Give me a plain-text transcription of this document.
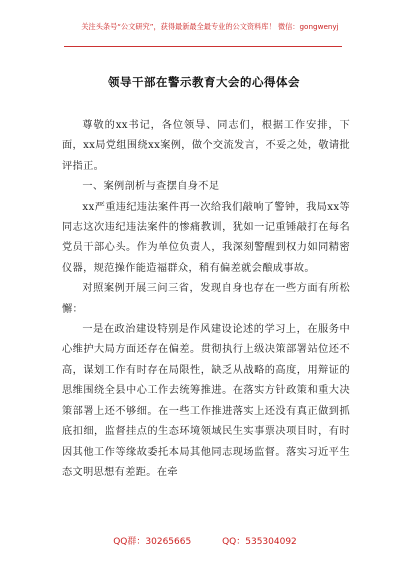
关注头条号“公文研究”，获得最新最全最专业的公文资料库！ 微信：gongwenyj
领导干部在警示教育大会的心得体会

尊敬的xx书记，各位领导、同志们，根据工作安排，下面，xx局党组围绕xx案例，做个交流发言，不妥之处，敬请批评指正。

一、案例剖析与查摆自身不足

xx严重违纪违法案件再一次给我们敲响了警钟，我局xx等同志这次违纪违法案件的惨痛教训，犹如一记重锤敲打在每名党员干部心头。作为单位负责人，我深刻警醒到权力如同精密仪器，规范操作能造福群众，稍有偏差就会酿成事故。

对照案例开展三问三省，发现自身也存在一些方面有所松懈：

一是在政治建设特别是作风建设论述的学习上，在服务中心维护大局方面还存在偏差。贯彻执行上级决策部署站位还不高，谋划工作有时存在局限性，缺乏从战略的高度，用辩证的思维围绕全县中心工作去统筹推进。在落实方针政策和重大决策部署上还不够细。在一些工作推进落实上还没有真正做到抓底扣细，监督挂点的生态环境领域民生实事票决项目时，有时因其他工作等缘故委托本局其他同志现场监督。落实习近平生态文明思想有差距。在牵

QQ群：30265665	QQ：535304092
